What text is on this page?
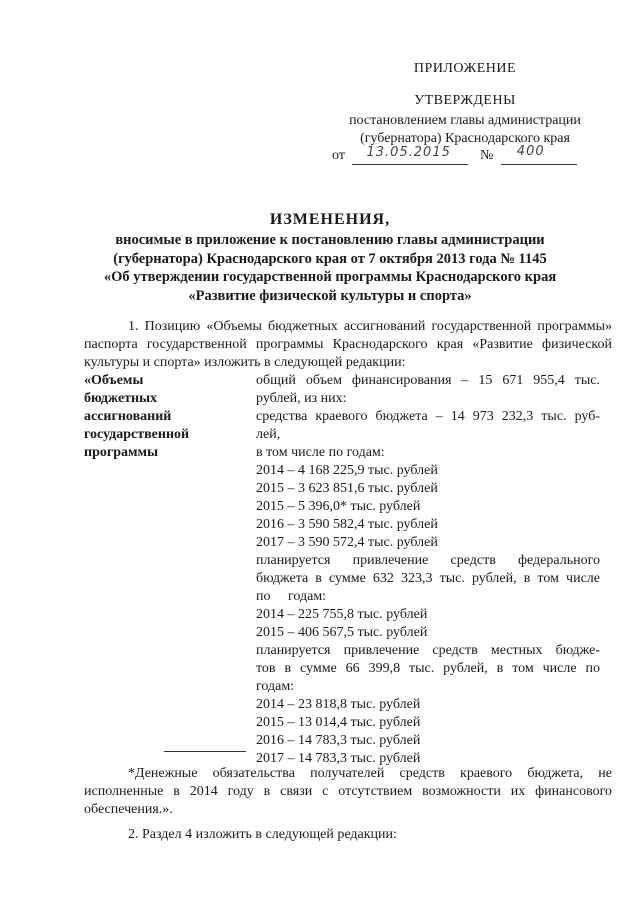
ПРИЛОЖЕНИЕ
УТВЕРЖДЕНЫ
постановлением главы администрации
(губернатора) Краснодарского края
от 13.05.2015 № 400
ИЗМЕНЕНИЯ,
вносимые в приложение к постановлению главы администрации
(губернатора) Краснодарского края от 7 октября 2013 года № 1145
«Об утверждении государственной программы Краснодарского края
«Развитие физической культуры и спорта»
1. Позицию «Объемы бюджетных ассигнований государственной программы» паспорта государственной программы Краснодарского края «Развитие физической культуры и спорта» изложить в следующей редакции:
«Объемы
бюджетных
ассигнований
государственной
программы
общий объем финансирования – 15 671 955,4 тыс.
рублей, из них:
средства краевого бюджета – 14 973 232,3 тыс. руб-
лей,
в том числе по годам:
2014 – 4 168 225,9 тыс. рублей
2015 – 3 623 851,6 тыс. рублей
2015 – 5 396,0* тыс. рублей
2016 – 3 590 582,4 тыс. рублей
2017 – 3 590 572,4 тыс. рублей
планируется привлечение средств федерального
бюджета в сумме 632 323,3 тыс. рублей, в том числе
по годам:
2014 – 225 755,8 тыс. рублей
2015 – 406 567,5 тыс. рублей
планируется привлечение средств местных бюдже-
тов в сумме 66 399,8 тыс. рублей, в том числе по
годам:
2014 – 23 818,8 тыс. рублей
2015 – 13 014,4 тыс. рублей
2016 – 14 783,3 тыс. рублей
2017 – 14 783,3 тыс. рублей
*Денежные обязательства получателей средств краевого бюджета, не исполненные в 2014 году в связи с отсутствием возможности их финансового обеспечения.».
2. Раздел 4 изложить в следующей редакции:
